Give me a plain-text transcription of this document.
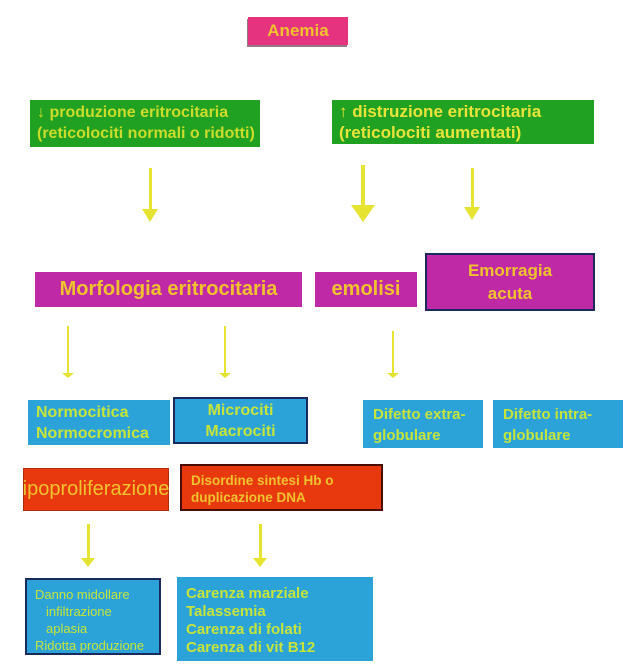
Anemia
↓ produzione eritrocitaria
(reticolociti normali o ridotti)
↑ distruzione eritrocitaria
(reticolociti aumentati)
Morfologia eritrocitaria	emolisi
Emorragia
acuta
Normocitica
Normocromica
Microciti
Macrociti
Difetto extra-
globulare
Difetto intra-
globulare
ipoproliferazione Disordine sintesi Hb o
duplicazione DNA
Danno midollare
infiltrazione
aplasia
Ridotta produzione
Carenza marziale
Talassemia
Carenza di folati
Carenza di vit B12
